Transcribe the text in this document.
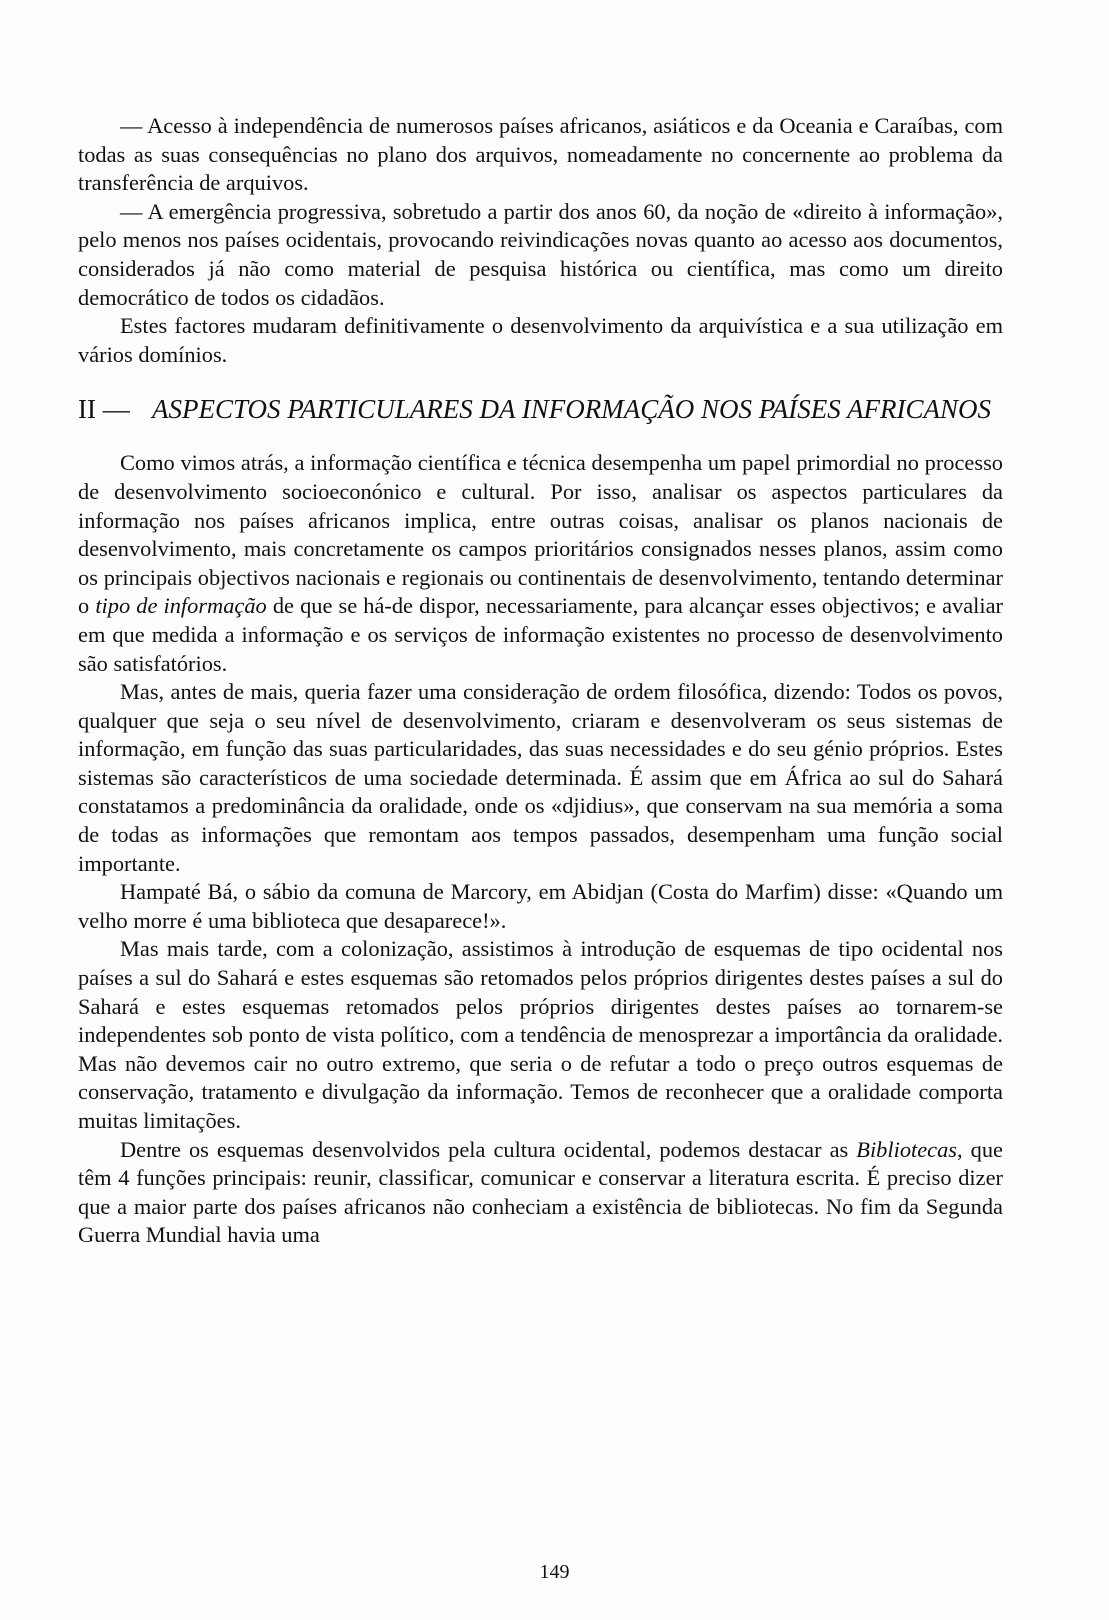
— Acesso à independência de numerosos países africanos, asiáticos e da Oceania e Caraíbas, com todas as suas consequências no plano dos arquivos, nomeadamente no concernente ao problema da transferência de arquivos.

— A emergência progressiva, sobretudo a partir dos anos 60, da noção de «direito à informação», pelo menos nos países ocidentais, provocando reivindicações novas quanto ao acesso aos documentos, considerados já não como material de pesquisa histórica ou científica, mas como um direito democrático de todos os cidadãos.

Estes factores mudaram definitivamente o desenvolvimento da arquivística e a sua utilização em vários domínios.

II — ASPECTOS PARTICULARES DA INFORMAÇÃO NOS PAÍSES AFRICANOS

Como vimos atrás, a informação científica e técnica desempenha um papel primordial no processo de desenvolvimento socioeconónico e cultural. Por isso, analisar os aspectos particulares da informação nos países africanos implica, entre outras coisas, analisar os planos nacionais de desenvolvimento, mais concretamente os campos prioritários consignados nesses planos, assim como os principais objectivos nacionais e regionais ou continentais de desenvolvimento, tentando determinar o tipo de informação de que se há-de dispor, necessariamente, para alcançar esses objectivos; e avaliar em que medida a informação e os serviços de informação existentes no processo de desenvolvimento são satisfatórios.

Mas, antes de mais, queria fazer uma consideração de ordem filosófica, dizendo: Todos os povos, qualquer que seja o seu nível de desenvolvimento, criaram e desenvolveram os seus sistemas de informação, em função das suas particularidades, das suas necessidades e do seu génio próprios. Estes sistemas são característicos de uma sociedade determinada. É assim que em África ao sul do Sahará constatamos a predominância da oralidade, onde os «djidius», que conservam na sua memória a soma de todas as informações que remontam aos tempos passados, desempenham uma função social importante.

Hampaté Bá, o sábio da comuna de Marcory, em Abidjan (Costa do Marfim) disse: «Quando um velho morre é uma biblioteca que desaparece!».

Mas mais tarde, com a colonização, assistimos à introdução de esquemas de tipo ocidental nos países a sul do Sahará e estes esquemas são retomados pelos próprios dirigentes destes países a sul do Sahará e estes esquemas retomados pelos próprios dirigentes destes países ao tornarem-se independentes sob ponto de vista político, com a tendência de menosprezar a importância da oralidade. Mas não devemos cair no outro extremo, que seria o de refutar a todo o preço outros esquemas de conservação, tratamento e divulgação da informação. Temos de reconhecer que a oralidade comporta muitas limitações.

Dentre os esquemas desenvolvidos pela cultura ocidental, podemos destacar as Bibliotecas, que têm 4 funções principais: reunir, classificar, comunicar e conservar a literatura escrita. É preciso dizer que a maior parte dos países africanos não conheciam a existência de bibliotecas. No fim da Segunda Guerra Mundial havia uma

149
